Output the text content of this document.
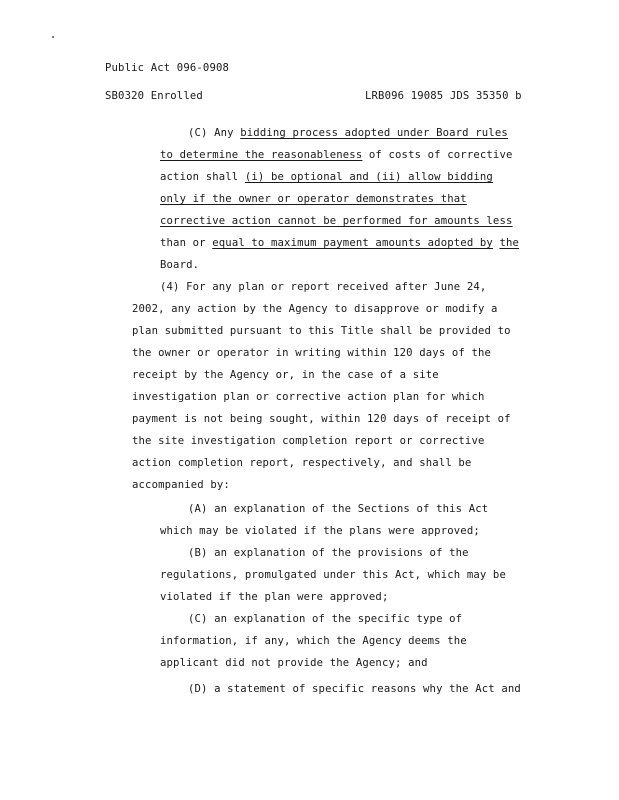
Public Act 096-0908
SB0320 Enrolled	LRB096 19085 JDS 35350 b
(C) Any bidding process adopted under Board rules
to determine the reasonableness of costs of corrective
action shall (i) be optional and (ii) allow bidding
only if the owner or operator demonstrates that
corrective action cannot be performed for amounts less
than or equal to maximum payment amounts adopted by the
Board.
(4) For any plan or report received after June 24,
2002, any action by the Agency to disapprove or modify a
plan submitted pursuant to this Title shall be provided to
the owner or operator in writing within 120 days of the
receipt by the Agency or, in the case of a site
investigation plan or corrective action plan for which
payment is not being sought, within 120 days of receipt of
the site investigation completion report or corrective
action completion report, respectively, and shall be
accompanied by:
(A) an explanation of the Sections of this Act
which may be violated if the plans were approved;
(B) an explanation of the provisions of the
regulations, promulgated under this Act, which may be
violated if the plan were approved;
(C) an explanation of the specific type of
information, if any, which the Agency deems the
applicant did not provide the Agency; and
(D) a statement of specific reasons why the Act and
